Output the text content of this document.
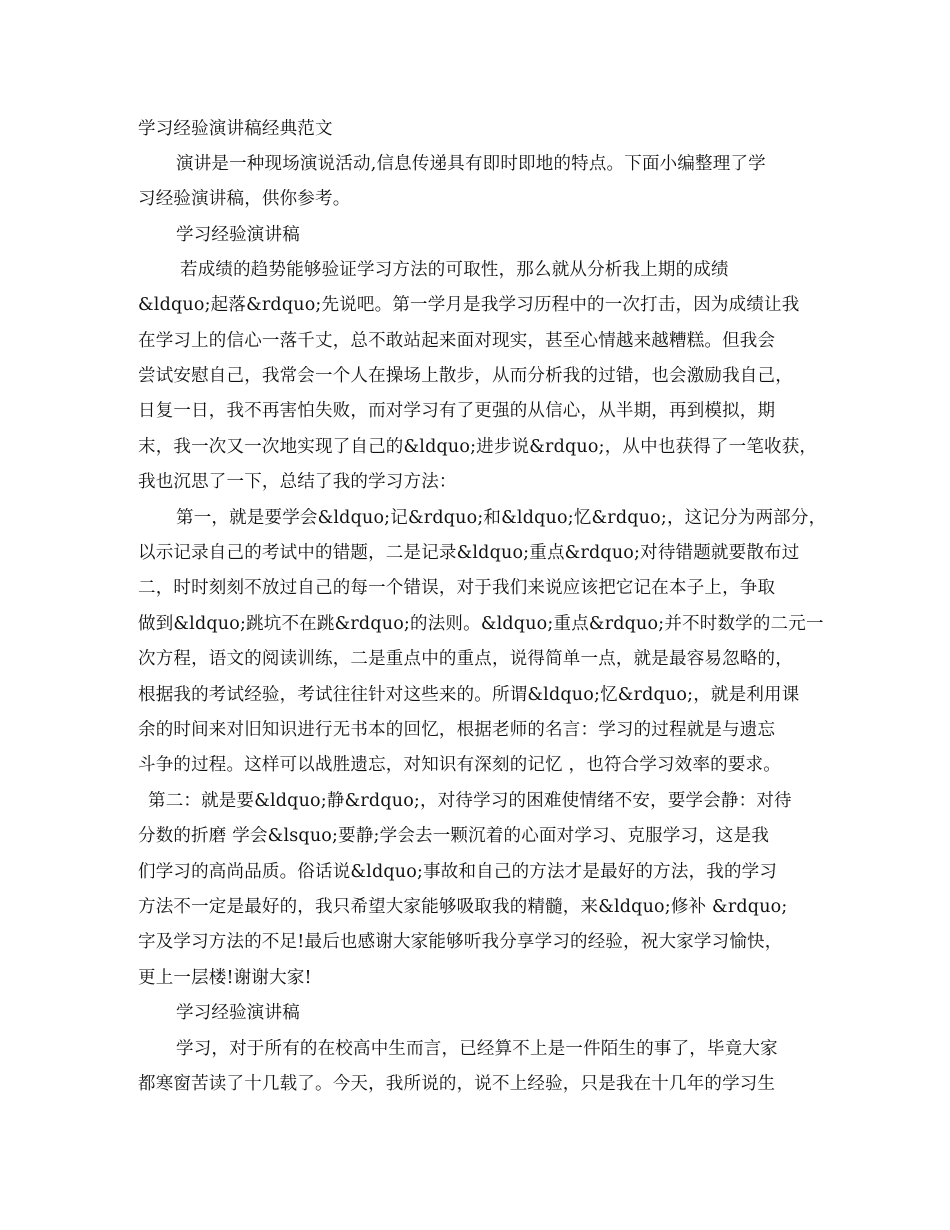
学习经验演讲稿经典范文
演讲是一种现场演说活动,信息传递具有即时即地的特点。下面小编整理了学
习经验演讲稿，供你参考。
学习经验演讲稿
若成绩的趋势能够验证学习方法的可取性，那么就从分析我上期的成绩
&ldquo;起落&rdquo;先说吧。第一学月是我学习历程中的一次打击，因为成绩让我
在学习上的信心一落千丈，总不敢站起来面对现实，甚至心情越来越糟糕。但我会
尝试安慰自己，我常会一个人在操场上散步，从而分析我的过错，也会激励我自己，
日复一日，我不再害怕失败，而对学习有了更强的从信心，从半期，再到模拟，期
末，我一次又一次地实现了自己的&ldquo;进步说&rdquo;，从中也获得了一笔收获，
我也沉思了一下，总结了我的学习方法：
第一，就是要学会&ldquo;记&rdquo;和&ldquo;忆&rdquo;，这记分为两部分，
以示记录自己的考试中的错题，二是记录&ldquo;重点&rdquo;对待错题就要散布过
二，时时刻刻不放过自己的每一个错误，对于我们来说应该把它记在本子上，争取
做到&ldquo;跳坑不在跳&rdquo;的法则。&ldquo;重点&rdquo;并不时数学的二元一
次方程，语文的阅读训练，二是重点中的重点，说得简单一点，就是最容易忽略的，
根据我的考试经验，考试往往针对这些来的。所谓&ldquo;忆&rdquo;，就是利用课
余的时间来对旧知识进行无书本的回忆，根据老师的名言：学习的过程就是与遗忘
斗争的过程。这样可以战胜遗忘，对知识有深刻的记忆 ，也符合学习效率的要求。
第二：就是要&ldquo;静&rdquo;，对待学习的困难使情绪不安，要学会静：对待
分数的折磨 学会&lsquo;要静;学会去一颗沉着的心面对学习、克服学习，这是我
们学习的高尚品质。俗话说&ldquo;事故和自己的方法才是最好的方法，我的学习
方法不一定是最好的，我只希望大家能够吸取我的精髓，来&ldquo;修补 &rdquo;
字及学习方法的不足!最后也感谢大家能够听我分享学习的经验，祝大家学习愉快，
更上一层楼!谢谢大家!
学习经验演讲稿
学习，对于所有的在校高中生而言，已经算不上是一件陌生的事了，毕竟大家
都寒窗苦读了十几载了。今天，我所说的，说不上经验，只是我在十几年的学习生
